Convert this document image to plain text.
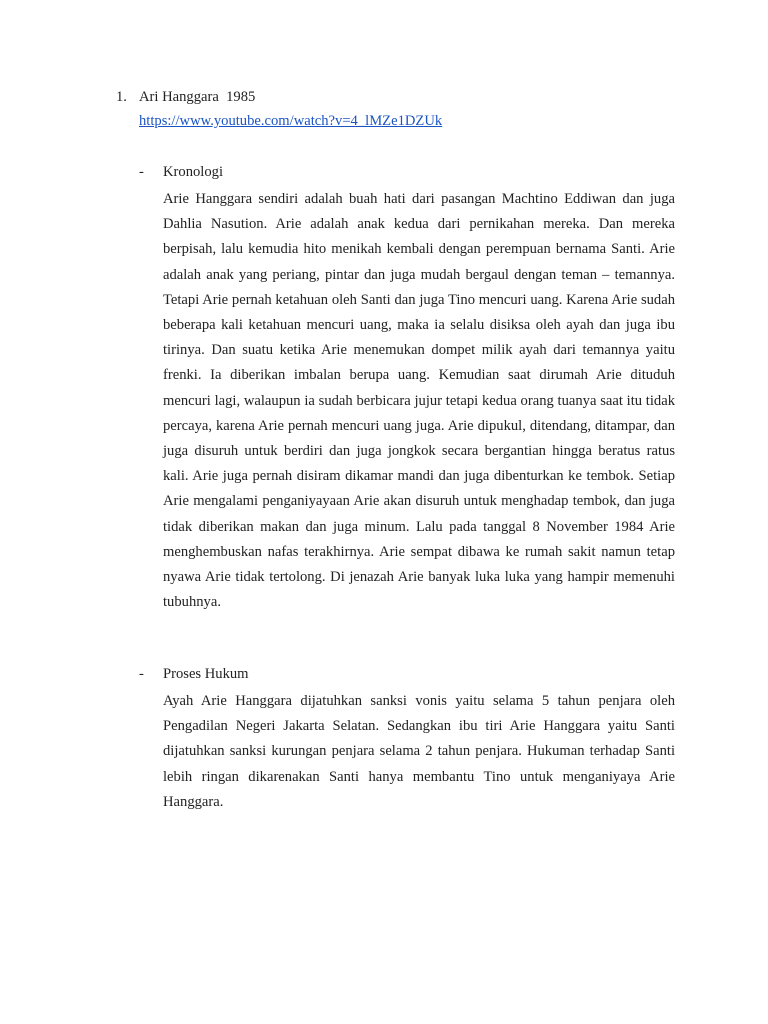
1. Ari Hanggara  1985
https://www.youtube.com/watch?v=4_lMZe1DZUk
-	Kronologi
Arie Hanggara sendiri adalah buah hati dari pasangan Machtino Eddiwan dan juga Dahlia Nasution. Arie adalah anak kedua dari pernikahan mereka. Dan mereka berpisah, lalu kemudia hito menikah kembali dengan perempuan bernama Santi. Arie adalah anak yang periang, pintar dan juga mudah bergaul dengan teman – temannya. Tetapi Arie pernah ketahuan oleh Santi dan juga Tino mencuri uang. Karena Arie sudah beberapa kali ketahuan mencuri uang, maka ia selalu disiksa oleh ayah dan juga ibu tirinya. Dan suatu ketika Arie menemukan dompet milik ayah dari temannya yaitu frenki. Ia diberikan imbalan berupa uang. Kemudian saat dirumah Arie dituduh mencuri lagi, walaupun ia sudah berbicara jujur tetapi kedua orang tuanya saat itu tidak percaya, karena Arie pernah mencuri uang juga. Arie dipukul, ditendang, ditampar, dan juga disuruh untuk berdiri dan juga jongkok secara bergantian hingga beratus ratus kali. Arie juga pernah disiram dikamar mandi dan juga dibenturkan ke tembok. Setiap Arie mengalami penganiyayaan Arie akan disuruh untuk menghadap tembok, dan juga tidak diberikan makan dan juga minum. Lalu pada tanggal 8 November 1984 Arie menghembuskan nafas terakhirnya. Arie sempat dibawa ke rumah sakit namun tetap nyawa Arie tidak tertolong. Di jenazah Arie banyak luka luka yang hampir memenuhi tubuhnya.
-	Proses Hukum
Ayah Arie Hanggara dijatuhkan sanksi vonis yaitu selama 5 tahun penjara oleh Pengadilan Negeri Jakarta Selatan. Sedangkan ibu tiri Arie Hanggara yaitu Santi dijatuhkan sanksi kurungan penjara selama 2 tahun penjara. Hukuman terhadap Santi lebih ringan dikarenakan Santi hanya membantu Tino untuk menganiyaya Arie Hanggara.
